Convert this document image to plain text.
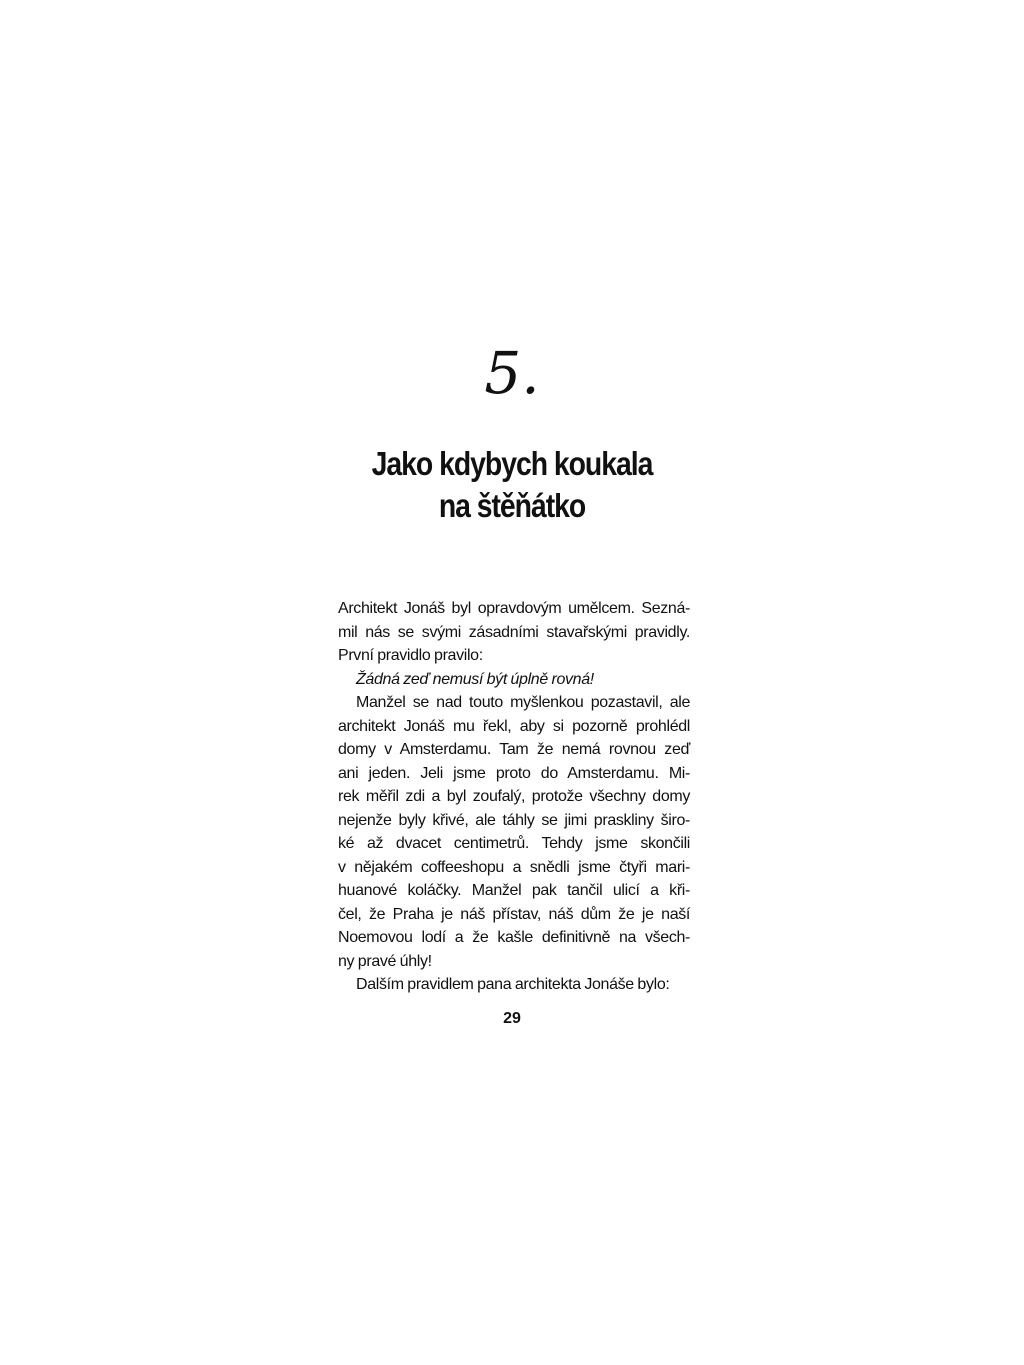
5.
Jako kdybych koukala
na štěňátko
Architekt Jonáš byl opravdovým umělcem. Sezná-
mil nás se svými zásadními stavařskými pravidly.
První pravidlo pravilo:
Žádná zeď nemusí být úplně rovná!
Manžel se nad touto myšlenkou pozastavil, ale
architekt Jonáš mu řekl, aby si pozorně prohlédl
domy v Amsterdamu. Tam že nemá rovnou zeď
ani jeden. Jeli jsme proto do Amsterdamu. Mi-
rek měřil zdi a byl zoufalý, protože všechny domy
nejenže byly křivé, ale táhly se jimi praskliny širo-
ké až dvacet centimetrů. Tehdy jsme skončili
v nějakém coffeeshopu a snědli jsme čtyři mari-
huanové koláčky. Manžel pak tančil ulicí a kři-
čel, že Praha je náš přístav, náš dům že je naší
Noemovou lodí a že kašle definitivně na všech-
ny pravé úhly!
Dalším pravidlem pana architekta Jonáše bylo:
29
